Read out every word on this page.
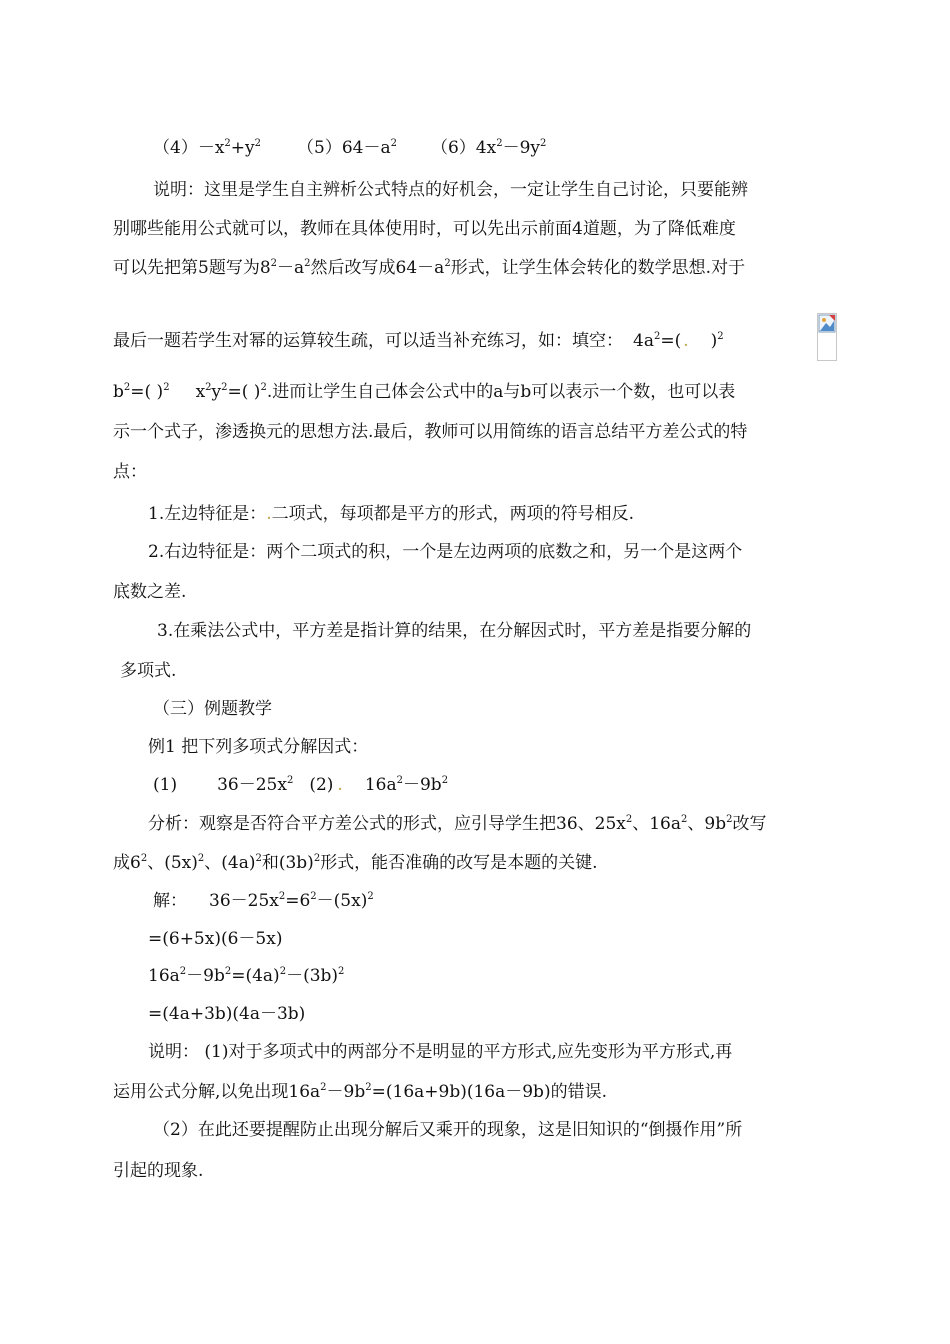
$(4)-x^2+y^2$ $(5)64-a^2$ $(6)4x^2-9y^2$
说明：这里是学生自主辨析公式特点的好机会，一定让学生自己讨论，只要能辨
别哪些能用公式就可以，教师在具体使用时，可以先出示前面4道题，为了降低难度
可以先把第5题写为$8^2-a^2$然后改写成$64-a^2$形式，让学生体会转化的数学思想.对于
最后一题若学生对幂的运算较生疏，可以适当补充练习，如：填空： $4a^2=$( . )$^2$
$b^2=$( )$^2$ $x^2y^2=$( )$^2$.进而让学生自己体会公式中的a与b可以表示一个数，也可以表
示一个式子，渗透换元的思想方法.最后，教师可以用简练的语言总结平方差公式的特
点：
1.左边特征是：.二项式，每项都是平方的形式，两项的符号相反.
2.右边特征是：两个二项式的积，一个是左边两项的底数之和，另一个是这两个
底数之差.
3.在乘法公式中，平方差是指计算的结果，在分解因式时，平方差是指要分解的
多项式.
（三）例题教学
例1 把下列多项式分解因式：
(1) $36-25x^2$ (2) . $16a^2-9b^2$
分析：观察是否符合平方差公式的形式，应引导学生把36、$25x^2$、$16a^2$、$9b^2$改写
成$6^2$、$(5x)^2$、$(4a)^2$和$(3b)^2$形式，能否准确的改写是本题的关键.
解： $36-25x^2=6^2-(5x)^2$
=(6+5x)(6－5x)
$16a^2-9b^2=(4a)^2-(3b)^2$
=(4a+3b)(4a－3b)
说明： (1)对于多项式中的两部分不是明显的平方形式,应先变形为平方形式,再
运用公式分解,以免出现$16a^2-9b^2=(16a+9b)(16a-9b)$的错误.
（2）在此还要提醒防止出现分解后又乘开的现象，这是旧知识的“倒摄作用”所
引起的现象.
